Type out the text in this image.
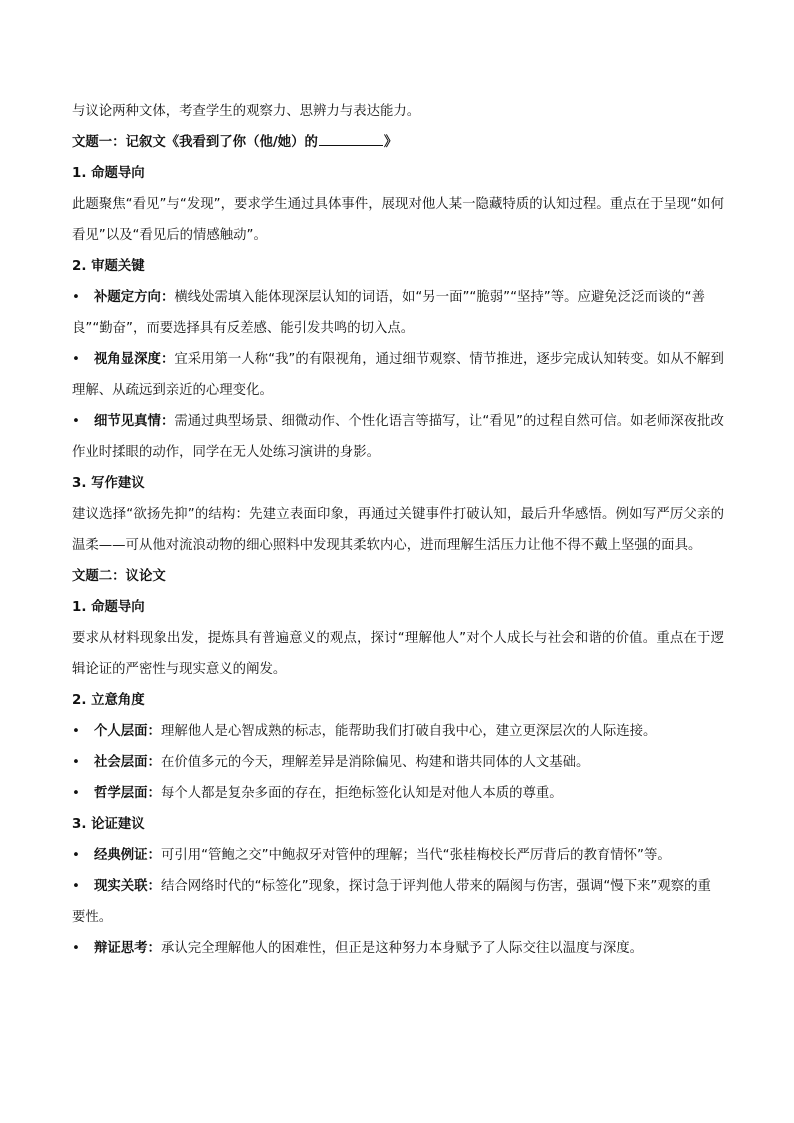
与议论两种文体，考查学生的观察力、思辨力与表达能力。

文题一：记叙文《我看到了你（他/她）的	》

1. 命题导向

此题聚焦“看见”与“发现”，要求学生通过具体事件，展现对他人某一隐藏特质的认知过程。重点在于呈现“如何看见”以及“看见后的情感触动”。

2. 审题关键

• 补题定方向：横线处需填入能体现深层认知的词语，如“另一面”“脆弱”“坚持”等。应避免泛泛而谈的“善良”“勤奋”，而要选择具有反差感、能引发共鸣的切入点。

• 视角显深度：宜采用第一人称“我”的有限视角，通过细节观察、情节推进，逐步完成认知转变。如从不解到理解、从疏远到亲近的心理变化。

• 细节见真情：需通过典型场景、细微动作、个性化语言等描写，让“看见”的过程自然可信。如老师深夜批改作业时揉眼的动作，同学在无人处练习演讲的身影。

3. 写作建议

建议选择“欲扬先抑”的结构：先建立表面印象，再通过关键事件打破认知，最后升华感悟。例如写严厉父亲的温柔——可从他对流浪动物的细心照料中发现其柔软内心，进而理解生活压力让他不得不戴上坚强的面具。

文题二：议论文

1. 命题导向

要求从材料现象出发，提炼具有普遍意义的观点，探讨“理解他人”对个人成长与社会和谐的价值。重点在于逻辑论证的严密性与现实意义的阐发。

2. 立意角度

• 个人层面：理解他人是心智成熟的标志，能帮助我们打破自我中心，建立更深层次的人际连接。

• 社会层面：在价值多元的今天，理解差异是消除偏见、构建和谐共同体的人文基础。

• 哲学层面：每个人都是复杂多面的存在，拒绝标签化认知是对他人本质的尊重。

3. 论证建议

• 经典例证：可引用“管鲍之交”中鲍叔牙对管仲的理解；当代“张桂梅校长严厉背后的教育情怀”等。

• 现实关联：结合网络时代的“标签化”现象，探讨急于评判他人带来的隔阂与伤害，强调“慢下来”观察的重要性。

• 辩证思考：承认完全理解他人的困难性，但正是这种努力本身赋予了人际交往以温度与深度。
